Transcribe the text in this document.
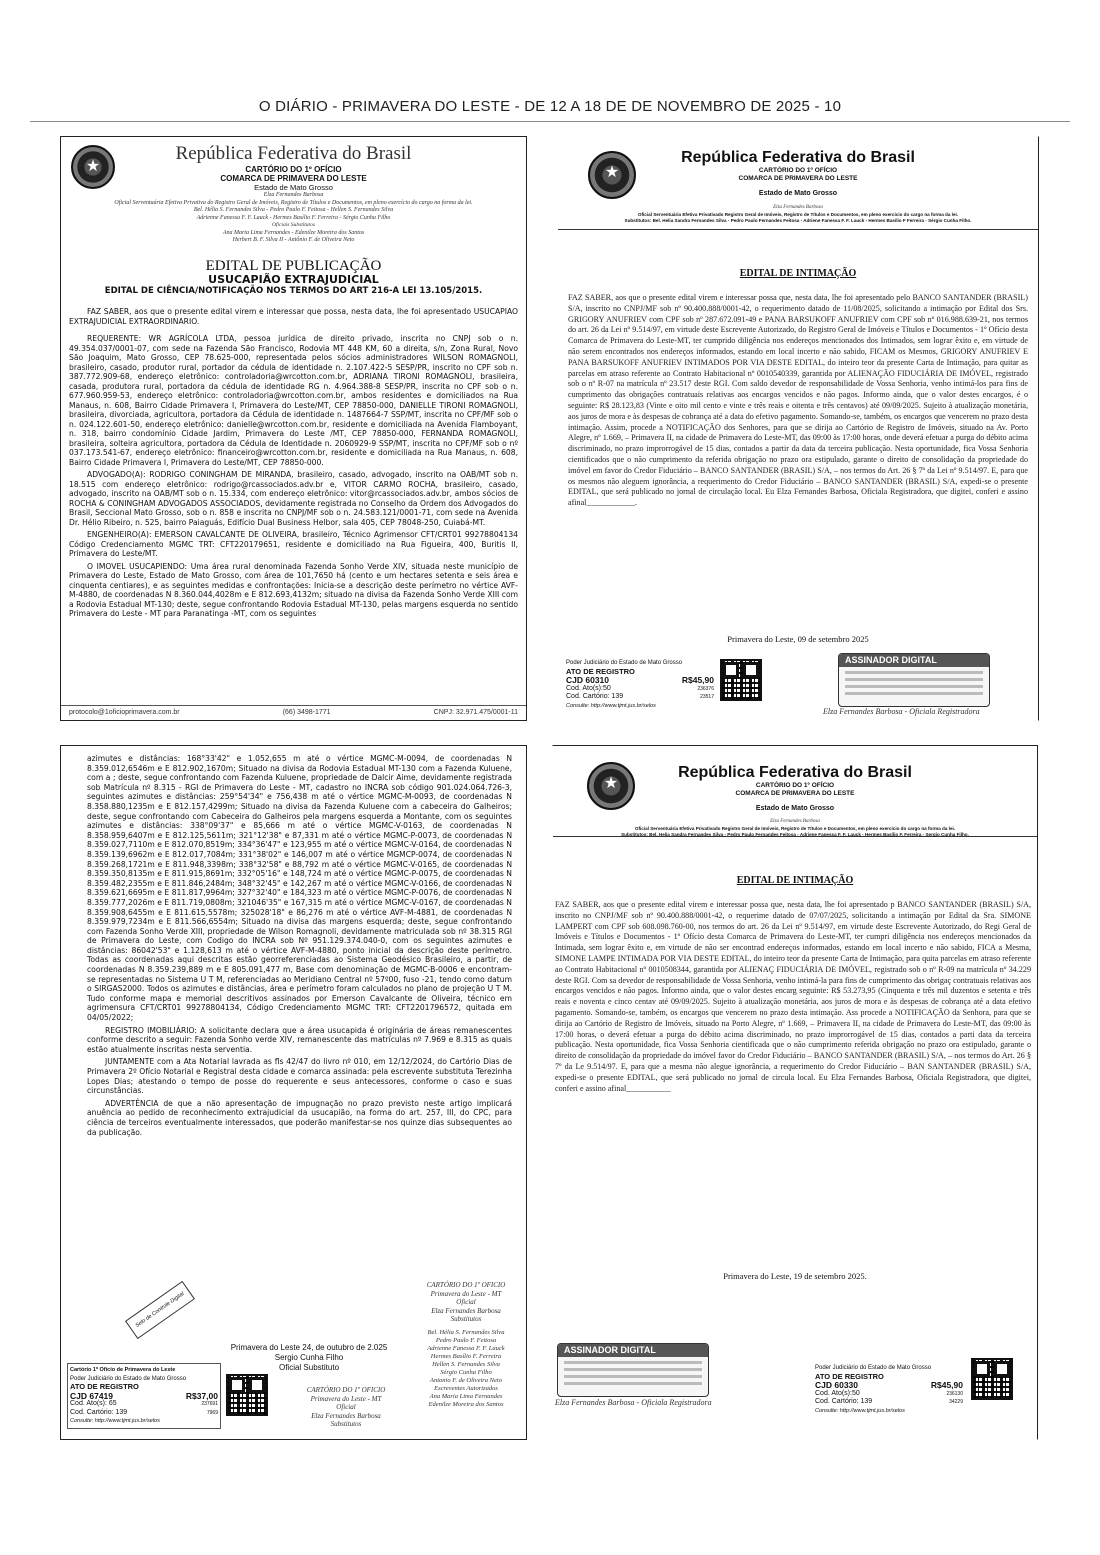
O DIÁRIO - PRIMAVERA DO LESTE - DE 12 A 18 DE DE NOVEMBRO DE 2025 - 10
★
República Federativa do Brasil
CARTÓRIO DO 1º OFÍCIO
COMARCA DE PRIMAVERA DO LESTE
Estado de Mato Grosso
Elza Fernandes Barbosa
Oficial Serventuária Efetiva Privativa do Registro Geral de Imóveis, Registro de Títulos e Documentos, em pleno exercício do cargo na forma da lei.
Bel. Hélia S. Fernandes Silva - Pedro Paulo F. Feitosa - Hellen S. Fernandes Silva
Adrienne Fanessa F. F. Lauck - Hermes Basílio F. Ferreira - Sérgio Cunha Filho
Oficiais Substitutos
Ana Maria Lima Fernandes - Edenilze Moreira dos Santos
Herbert B. F. Silva II - Antônio F. de Oliveira Neto
EDITAL DE PUBLICAÇÃO
USUCAPIÃO EXTRAJUDICIAL
EDITAL DE CIÊNCIA/NOTIFICAÇÃO NOS TERMOS DO ART 216-A LEI 13.105/2015.

FAZ SABER, aos que o presente edital virem e interessar que possa, nesta data, lhe foi apresentado USUCAPIAO EXTRAJUDICIAL EXTRAORDINARIO.

REQUERENTE: WR AGRÍCOLA LTDA, pessoa jurídica de direito privado, inscrita no CNPJ sob o n. 49.354.037/0001-07, com sede na Fazenda São Francisco, Rodovia MT 448 KM, 60 a direita, s/n, Zona Rural, Novo São Joaquim, Mato Grosso, CEP 78.625-000, representada pelos sócios administradores WILSON ROMAGNOLI, brasileiro, casado, produtor rural, portador da cédula de identidade n. 2.107.422-5 SESP/PR, inscrito no CPF sob n. 387.772.909-68, endereço eletrônico: controladoria@wrcotton.com.br, ADRIANA TIRONI ROMAGNOLI, brasileira, casada, produtora rural, portadora da cédula de identidade RG n. 4.964.388-8 SESP/PR, inscrita no CPF sob o n. 677.960.959-53, endereço eletrônico: controladoria@wrcotton.com.br, ambos residentes e domiciliados na Rua Manaus, n. 608, Bairro Cidade Primavera I, Primavera do Leste/MT, CEP 78850-000, DANIELLE TIRONI ROMAGNOLI, brasileira, divorciada, agricultora, portadora da Cédula de identidade n. 1487664-7 SSP/MT, inscrita no CPF/MF sob o n. 024.122.601-50, endereço eletrônico: danielle@wrcotton.com.br, residente e domiciliada na Avenida Flamboyant, n. 318, bairro condomínio Cidade Jardim, Primavera do Leste /MT, CEP 78850-000, FERNANDA ROMAGNOLI, brasileira, solteira agricultora, portadora da Cédula de Identidade n. 2060929-9 SSP/MT, inscrita no CPF/MF sob o nº 037.173.541-67, endereço eletrônico: financeiro@wrcotton.com.br, residente e domiciliada na Rua Manaus, n. 608, Bairro Cidade Primavera I, Primavera do Leste/MT, CEP 78850-000.

ADVOGADO(A): RODRIGO CONINGHAM DE MIRANDA, brasileiro, casado, advogado, inscrito na OAB/MT sob n. 18.515 com endereço eletrônico: rodrigo@rcassociados.adv.br e, VITOR CARMO ROCHA, brasileiro, casado, advogado, inscrito na OAB/MT sob o n. 15.334, com endereço eletrônico: vitor@rcassociados.adv.br, ambos sócios de ROCHA & CONINGHAM ADVOGADOS ASSOCIADOS, devidamente registrada no Conselho da Ordem dos Advogados do Brasil, Seccional Mato Grosso, sob o n. 858 e inscrita no CNPJ/MF sob o n. 24.583.121/0001-71, com sede na Avenida Dr. Hélio Ribeiro, n. 525, bairro Paiaguás, Edifício Dual Business Helbor, sala 405, CEP 78048-250, Cuiabá-MT.

ENGENHEIRO(A): EMERSON CAVALCANTE DE OLIVEIRA, brasileiro, Técnico Agrimensor CFT/CRT01 99278804134 Código Credenciamento MGMC TRT: CFT220179651, residente e domiciliado na Rua Figueira, 400, Buritis II, Primavera do Leste/MT.

O IMOVEL USUCAPIENDO: Uma área rural denominada Fazenda Sonho Verde XIV, situada neste município de Primavera do Leste, Estado de Mato Grosso, com área de 101,7650 há (cento e um hectares setenta e seis área e cinquenta centiares), e as seguintes medidas e confrontações: Inicia-se a descrição deste perímetro no vértice AVF-M-4880, de coordenadas N 8.360.044,4028m e E 812.693,4132m; situado na divisa da Fazenda Sonho Verde XIII com a Rodovia Estadual MT-130; deste, segue confrontando Rodovia Estadual MT-130, pelas margens esquerda no sentido Primavera do Leste - MT para Paranatinga -MT, com os seguintes

protocolo@1oficioprimavera.com.br	(66) 3498-1771	CNPJ: 32.971.475/0001-11
★
República Federativa do Brasil
CARTÓRIO DO 1º OFÍCIO
COMARCA DE PRIMAVERA DO LESTE
Estado de Mato Grosso
Elza Fernandes Barbosa
Oficial Serventuária Efetiva Privativado Registro Geral de Imóveis, Registro de Títulos e Documentos, em pleno exercício do cargo na forma da lei.
Substitutos: Bel. Helia Sandra Fernandes Silva - Pedro Paulo Fernandes Feitosa - Adriene Fanessa F. F. Lauck - Hermes Basílio F Ferreira - Sérgio Cunha Filho.
EDITAL DE INTIMAÇÃO

FAZ SABER, aos que o presente edital virem e interessar possa que, nesta data, lhe foi apresentado pelo BANCO SANTANDER (BRASIL) S/A, inscrito no CNPJ/MF sob nº 90.400.888/0001-42, o requerimento datado de 11/08/2025, solicitando a intimação por Edital dos Srs. GRIGORY ANUFRIEV com CPF sob nº 287.672.091-49 e PANA BARSUKOFF ANUFRIEV com CPF sob nº 016.988.639-21, nos termos do art. 26 da Lei nº 9.514/97, em virtude deste Escrevente Autorizado, do Registro Geral de Imóveis e Títulos e Documentos - 1º Ofício desta Comarca de Primavera do Leste-MT, ter cumprido diligência nos endereços mencionados dos Intimados, sem lograr êxito e, em virtude de não serem encontrados nos endereços informados, estando em local incerto e não sabido, FICAM os Mesmos, GRIGORY ANUFRIEV E PANA BARSUKOFF ANUFRIEV INTIMADOS POR VIA DESTE EDITAL, do inteiro teor da presente Carta de Intimação, para quitar as parcelas em atraso referente ao Contrato Habitacional nº 0010540339, garantida por ALIENAÇÃO FIDUCIÁRIA DE IMÓVEL, registrado sob o nº R-07 na matrícula nº 23.517 deste RGI. Com saldo devedor de responsabilidade de Vossa Senhoria, venho intimá-los para fins de cumprimento das obrigações contratuais relativas aos encargos vencidos e não pagos. Informo ainda, que o valor destes encargos, é o seguinte: R$ 28.123,83 (Vinte e oito mil cento e vinte e três reais e oitenta e três centavos) até 09/09/2025. Sujeito à atualização monetária, aos juros de mora e às despesas de cobrança até a data do efetivo pagamento. Somando-se, também, os encargos que vencerem no prazo desta intimação. Assim, procede a NOTIFICAÇÃO dos Senhores, para que se dirija ao Cartório de Registro de Imóveis, situado na Av. Porto Alegre, nº 1.669, – Primavera II, na cidade de Primavera do Leste-MT, das 09:00 às 17:00 horas, onde deverá efetuar a purga do débito acima discriminado, no prazo improrrogável de 15 dias, contados a partir da data da terceira publicação. Nesta oportunidade, fica Vossa Senhoria cientificados que o não cumprimento da referida obrigação no prazo ora estipulado, garante o direito de consolidação da propriedade do imóvel em favor do Credor Fiduciário – BANCO SANTANDER (BRASIL) S/A, – nos termos do Art. 26 § 7º da Lei nº 9.514/97. E, para que os mesmos não aleguem ignorância, a requerimento do Credor Fiduciário – BANCO SANTANDER (BRASIL) S/A, expedi-se o presente EDITAL, que será publicado no jornal de circulação local. Eu Elza Fernandes Barbosa, Oficiala Registradora, que digitei, conferi e assino afinal____________.

Primavera do Leste, 09 de setembro 2025
Poder Judiciário do Estado de Mato Grosso
ATO DE REGISTRO
CJD 60310	R$45,90
Cod. Ato(s):50	236376
Cod. Cartório: 139	23517
Consulte: http://www.tjmt.jus.br/selos
ASSINADOR DIGITAL
Elza Fernandes Barbosa - Oficiala Registradora

azimutes e distâncias: 168°33'42" e 1.052,655 m até o vértice MGMC-M-0094, de coordenadas N 8.359.012,6546m e E 812.902,1670m; Situado na divisa da Rodovia Estadual MT-130 com a Fazenda Kuluene, com a ; deste, segue confrontando com Fazenda Kuluene, propriedade de Dalcir Aime, devidamente registrada sob Matrícula nº 8.315 - RGI de Primavera do Leste - MT, cadastro no INCRA sob código 901.024.064.726-3, seguintes azimutes e distâncias: 259°54'34" e 756,438 m até o vértice MGMC-M-0093, de coordenadas N 8.358.880,1235m e E 812.157,4299m; Situado na divisa da Fazenda Kuluene com a cabeceira do Galheiros; deste, segue confrontando com Cabeceira do Galheiros pela margens esquerda a Montante, com os seguintes azimutes e distâncias: 338°09'37" e 85,666 m até o vértice MGMC-V-0163, de coordenadas N 8.358.959,6407m e E 812.125,5611m; 321°12'38" e 87,331 m até o vértice MGMC-P-0073, de coordenadas N 8.359.027,7110m e E 812.070,8519m; 334°36'47" e 123,955 m até o vértice MGMC-V-0164, de coordenadas N 8.359.139,6962m e E 812.017,7084m; 331°38'02" e 146,007 m até o vértice MGMCP-0074, de coordenadas N 8.359.268,1721m e E 811.948,3398m; 338°32'58" e 88,792 m até o vértice MGMC-V-0165, de coordenadas N 8.359.350,8135m e E 811.915,8691m; 332°05'16" e 148,724 m até o vértice MGMC-P-0075, de coordenadas N 8.359.482,2355m e E 811.846,2484m; 348°32'45" e 142,267 m até o vértice MGMC-V-0166, de coordenadas N 8.359.621,6695m e E 811.817,9964m; 327°32'40" e 184,323 m até o vértice MGMC-P-0076, de coordenadas N 8.359.777,2026m e E 811.719,0808m; 321046'35" e 167,315 m até o vértice MGMC-V-0167, de coordenadas N 8.359.908,6455m e E 811.615,5578m; 325028'18" e 86,276 m até o vértice AVF-M-4881, de coordenadas N 8.359.979,7234m e E 811.566,6554m; Situado na divisa das margens esquerda; deste, segue confrontando com Fazenda Sonho Verde XIII, propriedade de Wilson Romagnoli, devidamente matriculada sob nº 38.315 RGI de Primavera do Leste, com Codigo do INCRA sob Nº 951.129.374.040-0, com os seguintes azimutes e distâncias: 86042'53" e 1.128,613 m até o vértice AVF-M-4880, ponto inicial da descrição deste perímetro. Todas as coordenadas aqui descritas estão georreferenciadas ao Sistema Geodésico Brasileiro, a partir, de coordenadas N 8.359.239,889 m e E 805.091,477 m, Base com denominação de MGMC-B-0006 e encontram-se representadas no Sistema U T M, referenciadas ao Meridiano Central nº 57º00, fuso -21, tendo como datum o SIRGAS2000. Todos os azimutes e distâncias, área e perímetro foram calculados no plano de projeção U T M. Tudo conforme mapa e memorial descritivos assinados por Emerson Cavalcante de Oliveira, técnico em agrimensura CFT/CRT01 99278804134, Código Credenciamento MGMC TRT: CFT2201796572, quitada em 04/05/2022;

REGISTRO IMOBILIÁRIO: A solicitante declara que a área usucapida é originária de áreas remanescentes conforme descrito a seguir: Fazenda Sonho verde XIV, remanescente das matrículas nº 7.969 e 8.315 as quais estão atualmente inscritas nesta serventia.

JUNTAMENTE com a Ata Notarial lavrada as fls 42/47 do livro nº 010, em 12/12/2024, do Cartório Dias de Primavera 2º Ofício Notarial e Registral desta cidade e comarca assinada: pela escrevente substituta Terezinha Lopes Dias; atestando o tempo de posse do requerente e seus antecessores, conforme o caso e suas circunstâncias.

ADVERTÊNCIA de que a não apresentação de impugnação no prazo previsto neste artigo implicará anuência ao pedido de reconhecimento extrajudicial da usucapião, na forma do art. 257, III, do CPC, para ciência de terceiros eventualmente interessados, que poderão manifestar-se nos quinze dias subsequentes ao da publicação.

Selo de Controle Digital
Primavera do Leste 24, de outubro de 2.025
Sergio Cunha Filho
Oficial Substituto
Cartório 1º Ofício de Primavera do Leste
Poder Judiciário do Estado de Mato Grosso
ATO DE REGISTRO
CJD 67419	R$37,00
Cod. Ato(s): 65	237691
Cod. Cartório: 139	7969
Consulte: http://www.tjmt.jus.br/selos
CARTÓRIO DO 1º OFICIO
Primavera do Leste - MT
Oficial
Elza Fernandes Barbosa
Substitutos
Bel. Hélia S. Fernandes Silva
Pedro Paulo F. Feitosa
Adrienne Fanessa F. F. Lauck
Hermes Basílio F. Ferreira
Hellen S. Fernandes Silva
Sérgio Cunha Filho
Antonio F. de Oliveira Neto
Escreventes Autorizados
Ana Maria Lima Fernandes
Edenilze Moreira dos Santos
CARTÓRIO DO 1º OFICIO
Primavera do Leste - MT
Oficial
Elza Fernandes Barbosa
Substitutos
★
República Federativa do Brasil
CARTÓRIO DO 1º OFÍCIO
COMARCA DE PRIMAVERA DO LESTE
Estado de Mato Grosso
Elza Fernandes Barbosa
Oficial Serventuária Efetiva Privativado Registro Geral de Imóveis, Registro de Títulos e Documentos, em pleno exercício do cargo na forma da lei.
Substitutos: Bel. Helia Sandra Fernandes Silva - Pedro Paulo Fernandes Feitosa - Adriene Fanessa F. F. Lauck - Hermes Basílio F. Ferreira - Sergio Cunha Filho.
EDITAL DE INTIMAÇÃO

FAZ SABER, aos que o presente edital virem e interessar possa que, nesta data, lhe foi apresentado p BANCO SANTANDER (BRASIL) S/A, inscrito no CNPJ/MF sob nº 90.400.888/0001-42, o requerime datado de 07/07/2025, solicitando a intimação por Edital da Sra. SIMONE LAMPERT com CPF sob 608.098.760-00, nos termos do art. 26 da Lei nº 9.514/97, em virtude deste Escrevente Autorizado, do Regi Geral de Imóveis e Títulos e Documentos - 1º Ofício desta Comarca de Primavera do Leste-MT, ter cumpri diligência nos endereços mencionados da Intimada, sem lograr êxito e, em virtude de não ser encontrad endereços informados, estando em local incerto e não sabido, FICA a Mesma, SIMONE LAMPE INTIMADA POR VIA DESTE EDITAL, do inteiro teor da presente Carta de Intimação, para quita parcelas em atraso referente ao Contrato Habitacional nº 0010508344, garantida por ALIENAÇ FIDUCIÁRIA DE IMÓVEL, registrado sob o nº R-09 na matrícula nº 34.229 deste RGI. Com sa devedor de responsabilidade de Vossa Senhoria, venho intimá-la para fins de cumprimento das obrigaç contratuais relativas aos encargos vencidos e não pagos. Informo ainda, que o valor destes encarg seguinte: R$ 53.273,95 (Cinquenta e três mil duzentos e setenta e três reais e noventa e cinco centav até 09/09/2025. Sujeito à atualização monetária, aos juros de mora e às despesas de cobrança até a data efetivo pagamento. Somando-se, também, os encargos que vencerem no prazo desta intimação. Ass procede a NOTIFICAÇÃO da Senhora, para que se dirija ao Cartório de Registro de Imóveis, situado na Porto Alegre, nº 1.669, – Primavera II, na cidade de Primavera do Leste-MT, das 09:00 às 17:00 horas, o deverá efetuar a purga do débito acima discriminado, no prazo improrrogável de 15 dias, contados a parti data da terceira publicação. Nesta oportunidade, fica Vossa Senhoria cientificada que o não cumprimento referida obrigação no prazo ora estipulado, garante o direito de consolidação da propriedade do imóvel favor do Credor Fiduciário – BANCO SANTANDER (BRASIL) S/A, – nos termos do Art. 26 § 7º da Le 9.514/97. E, para que a mesma não alegue ignorância, a requerimento do Credor Fiduciário – BAN SANTANDER (BRASIL) S/A, expedi-se o presente EDITAL, que será publicado no jornal de circula local. Eu Elza Fernandes Barbosa, Oficiala Registradora, que digitei, conferi e assino afinal___________

Primavera do Leste, 19 de setembro 2025.
ASSINADOR DIGITAL
Elza Fernandes Barbosa - Oficiala Registradora
Poder Judiciário do Estado de Mato Grosso
ATO DE REGISTRO
CJD 60330	R$45,90
Cod. Ato(s):50	236130
Cod. Cartório: 139	34229
Consulte: http://www.tjmt.jus.br/selos
